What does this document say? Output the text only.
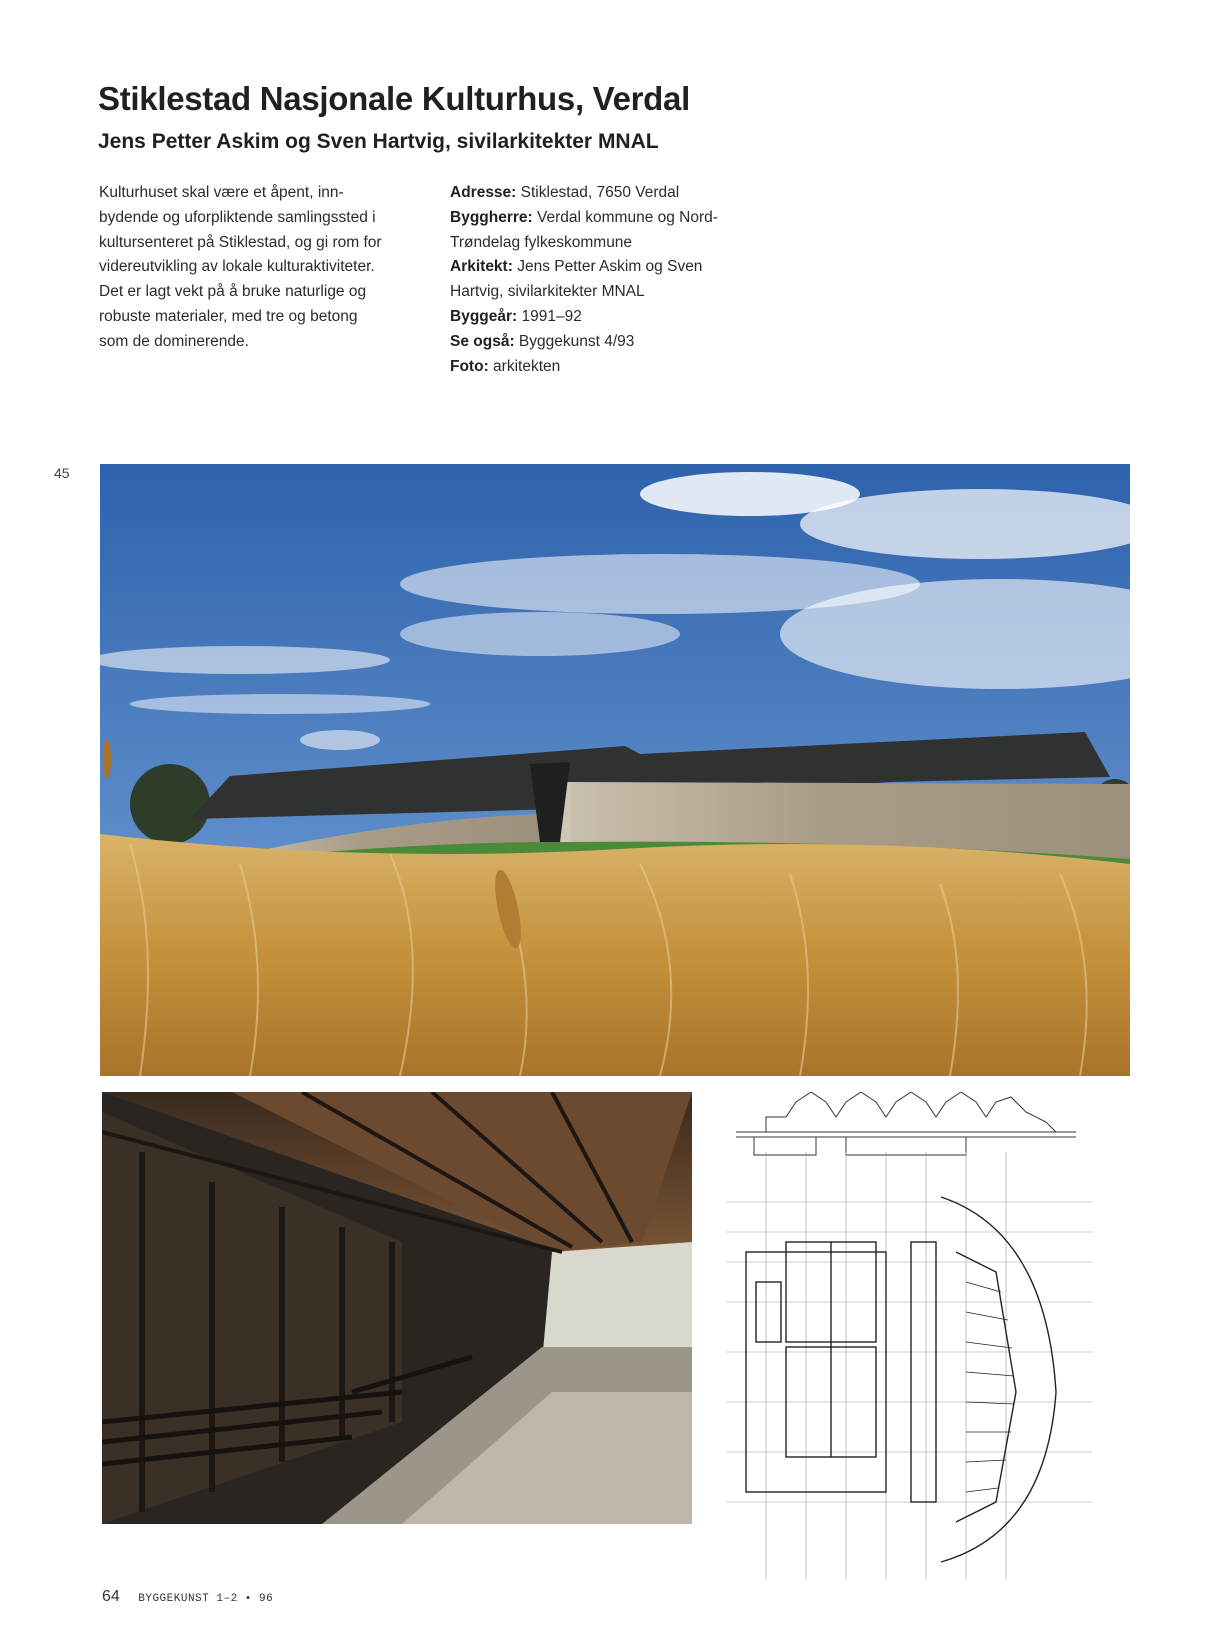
Stiklestad Nasjonale Kulturhus, Verdal
Jens Petter Askim og Sven Hartvig, sivilarkitekter MNAL

Kulturhuset skal være et åpent, inn-
bydende og uforpliktende samlingssted i
kultursenteret på Stiklestad, og gi rom for
videreutvikling av lokale kulturaktiviteter.
Det er lagt vekt på å bruke naturlige og
robuste materialer, med tre og betong
som de dominerende.

Adresse: Stiklestad, 7650 Verdal
Byggherre: Verdal kommune og Nord-
Trøndelag fylkeskommune
Arkitekt: Jens Petter Askim og Sven
Hartvig, sivilarkitekter MNAL
Byggeår: 1991–92
Se også: Byggekunst 4/93
Foto: arkitekten

45
64 BYGGEKUNST 1–2 • 96
